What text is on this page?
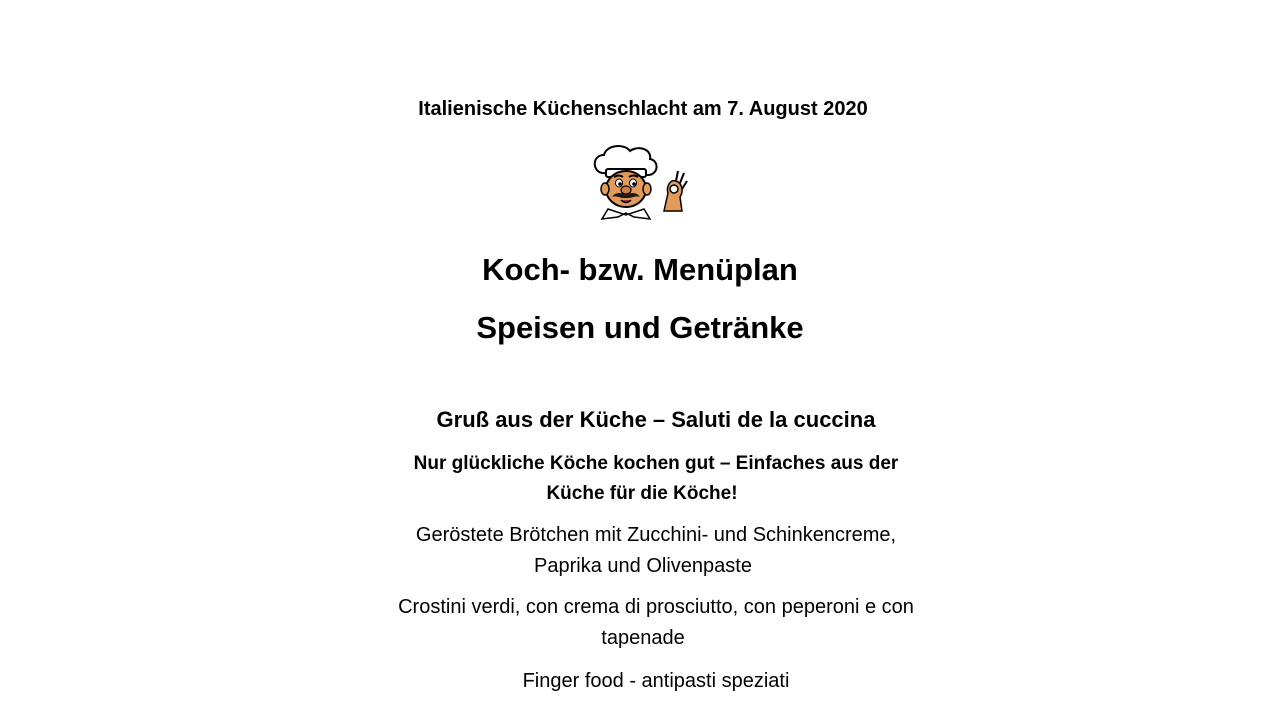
Italienische Küchenschlacht am 7. August 2020
Koch- bzw. Menüplan
Speisen und Getränke
Gruß aus der Küche – Saluti de la cuccina
Nur glückliche Köche kochen gut – Einfaches aus der
Küche für die Köche!
Geröstete Brötchen mit Zucchini- und Schinkencreme,
Paprika und Olivenpaste
Crostini verdi, con crema di prosciutto, con peperoni e con
tapenade
Finger food - antipasti speziati
